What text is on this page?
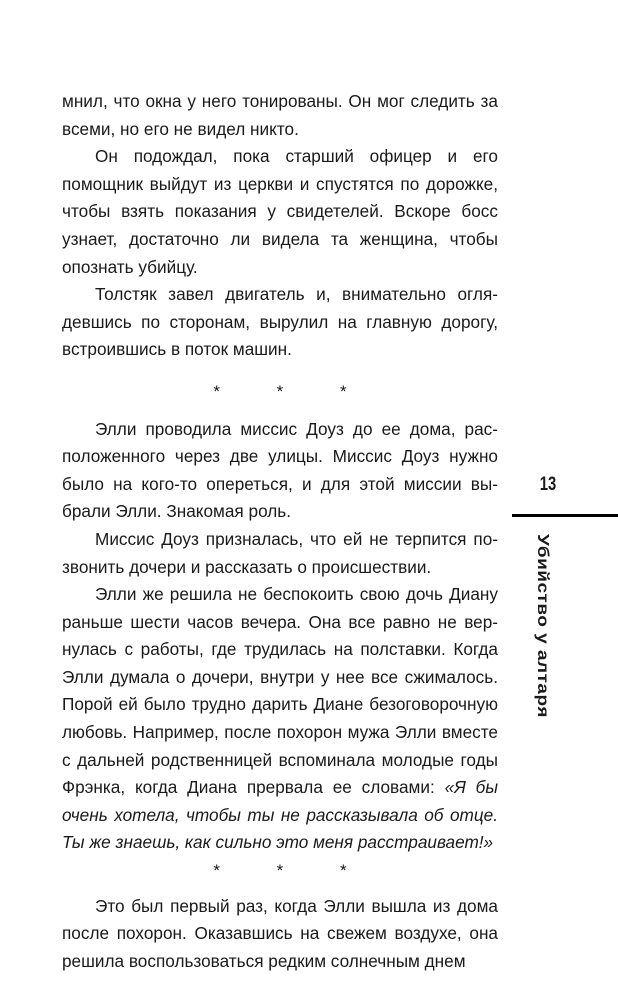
мнил, что окна у него тонированы. Он мог следить за всеми, но его не видел никто.

Он подождал, пока старший офицер и его помощник выйдут из церкви и спустятся по дорожке, чтобы взять показания у свидетелей. Вскоре босс узнает, достаточно ли видела та женщина, чтобы опознать убийцу.

Толстяк завел двигатель и, внимательно оглядевшись по сторонам, вырулил на главную дорогу, встроившись в поток машин.

* * *

Элли проводила миссис Доуз до ее дома, расположенного через две улицы. Миссис Доуз нужно было на кого-то опереться, и для этой миссии выбрали Элли. Знакомая роль.

Миссис Доуз призналась, что ей не терпится позвонить дочери и рассказать о происшествии.

Элли же решила не беспокоить свою дочь Диану раньше шести часов вечера. Она все равно не вернулась с работы, где трудилась на полставки. Когда Элли думала о дочери, внутри у нее все сжималось. Порой ей было трудно дарить Диане безоговорочную любовь. Например, после похорон мужа Элли вместе с дальней родственницей вспоминала молодые годы Фрэнка, когда Диана прервала ее словами: «Я бы очень хотела, чтобы ты не рассказывала об отце. Ты же знаешь, как сильно это меня расстраивает!»

* * *

Это был первый раз, когда Элли вышла из дома после похорон. Оказавшись на свежем воздухе, она решила воспользоваться редким солнечным днем

13
Убийство у алтаря
